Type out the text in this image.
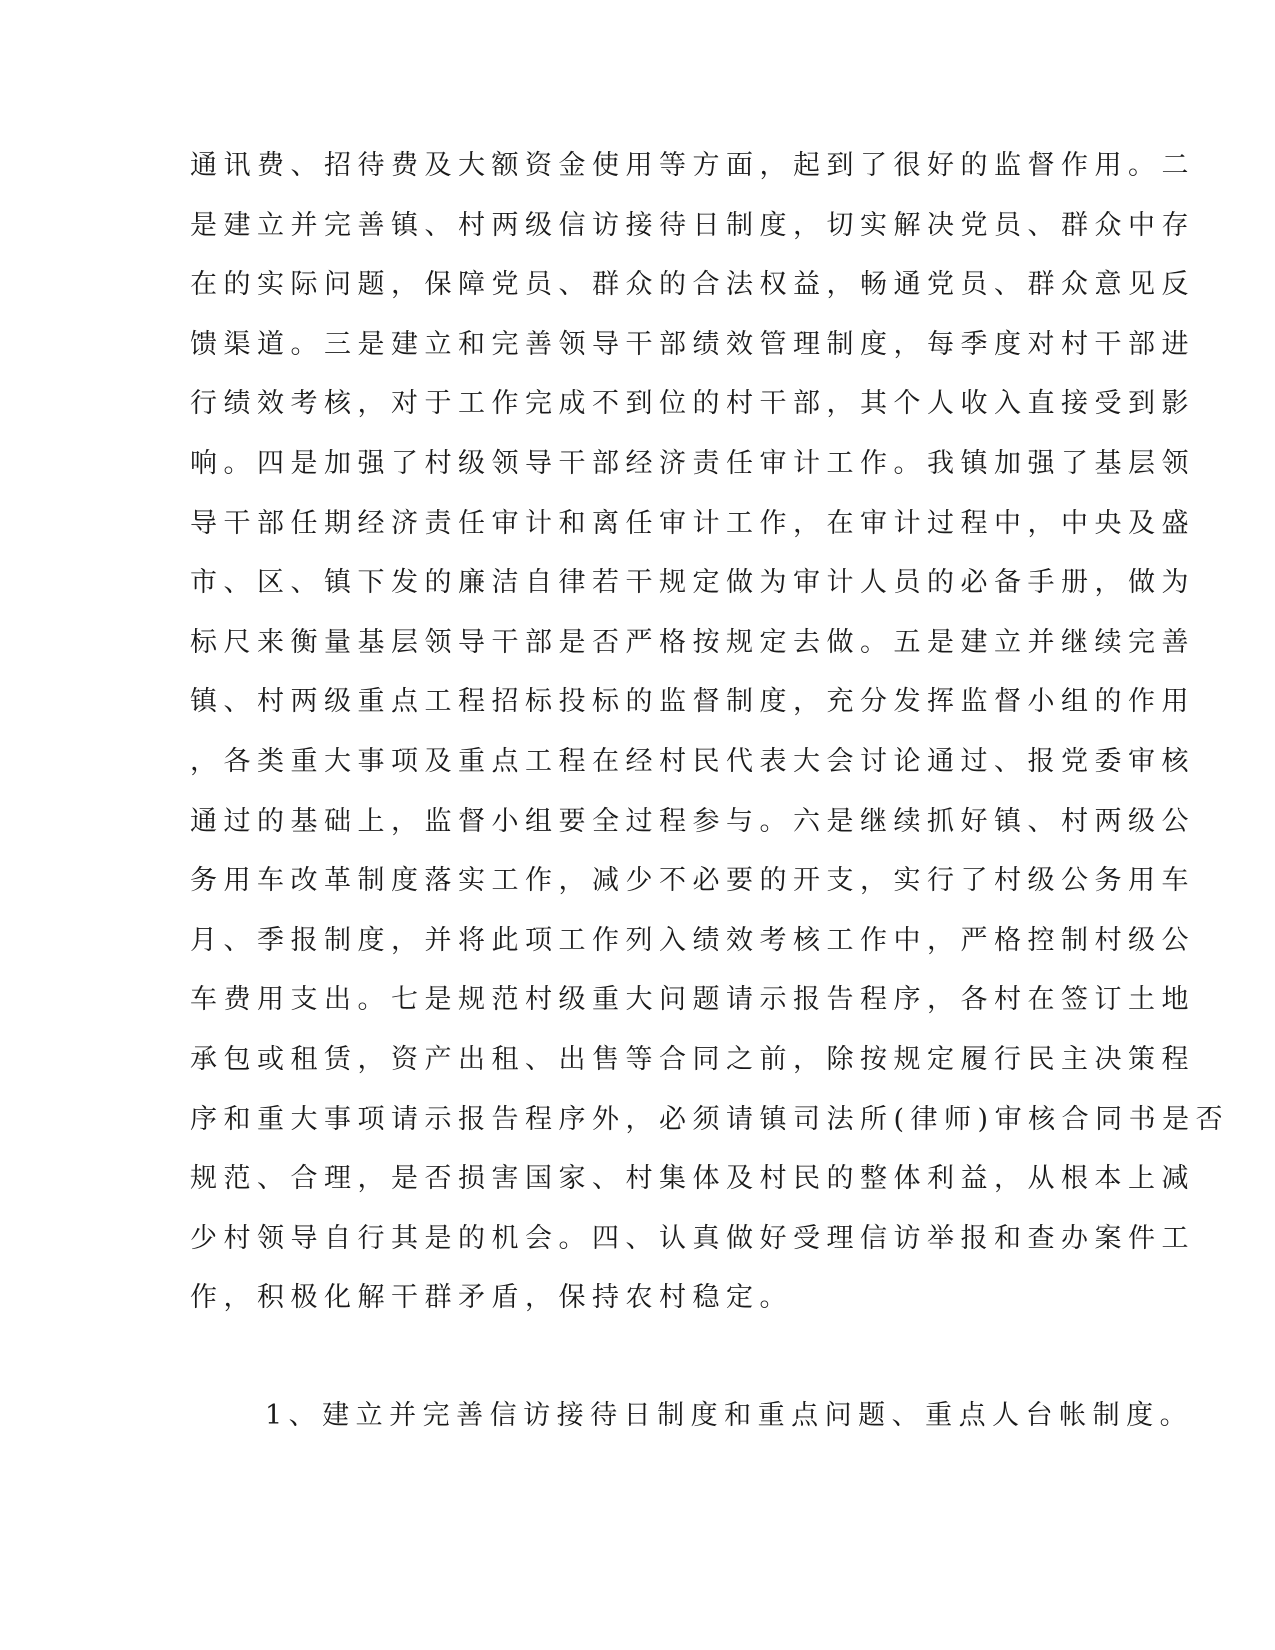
通讯费、招待费及大额资金使用等方面，起到了很好的监督作用。二
是建立并完善镇、村两级信访接待日制度，切实解决党员、群众中存
在的实际问题，保障党员、群众的合法权益，畅通党员、群众意见反
馈渠道。三是建立和完善领导干部绩效管理制度，每季度对村干部进
行绩效考核，对于工作完成不到位的村干部，其个人收入直接受到影
响。四是加强了村级领导干部经济责任审计工作。我镇加强了基层领
导干部任期经济责任审计和离任审计工作，在审计过程中，中央及盛
市、区、镇下发的廉洁自律若干规定做为审计人员的必备手册，做为
标尺来衡量基层领导干部是否严格按规定去做。五是建立并继续完善
镇、村两级重点工程招标投标的监督制度，充分发挥监督小组的作用
，各类重大事项及重点工程在经村民代表大会讨论通过、报党委审核
通过的基础上，监督小组要全过程参与。六是继续抓好镇、村两级公
务用车改革制度落实工作，减少不必要的开支，实行了村级公务用车
月、季报制度，并将此项工作列入绩效考核工作中，严格控制村级公
车费用支出。七是规范村级重大问题请示报告程序，各村在签订土地
承包或租赁，资产出租、出售等合同之前，除按规定履行民主决策程
序和重大事项请示报告程序外，必须请镇司法所(律师)审核合同书是否
规范、合理，是否损害国家、村集体及村民的整体利益，从根本上减
少村领导自行其是的机会。四、认真做好受理信访举报和查办案件工
作，积极化解干群矛盾，保持农村稳定。
1、建立并完善信访接待日制度和重点问题、重点人台帐制度。
